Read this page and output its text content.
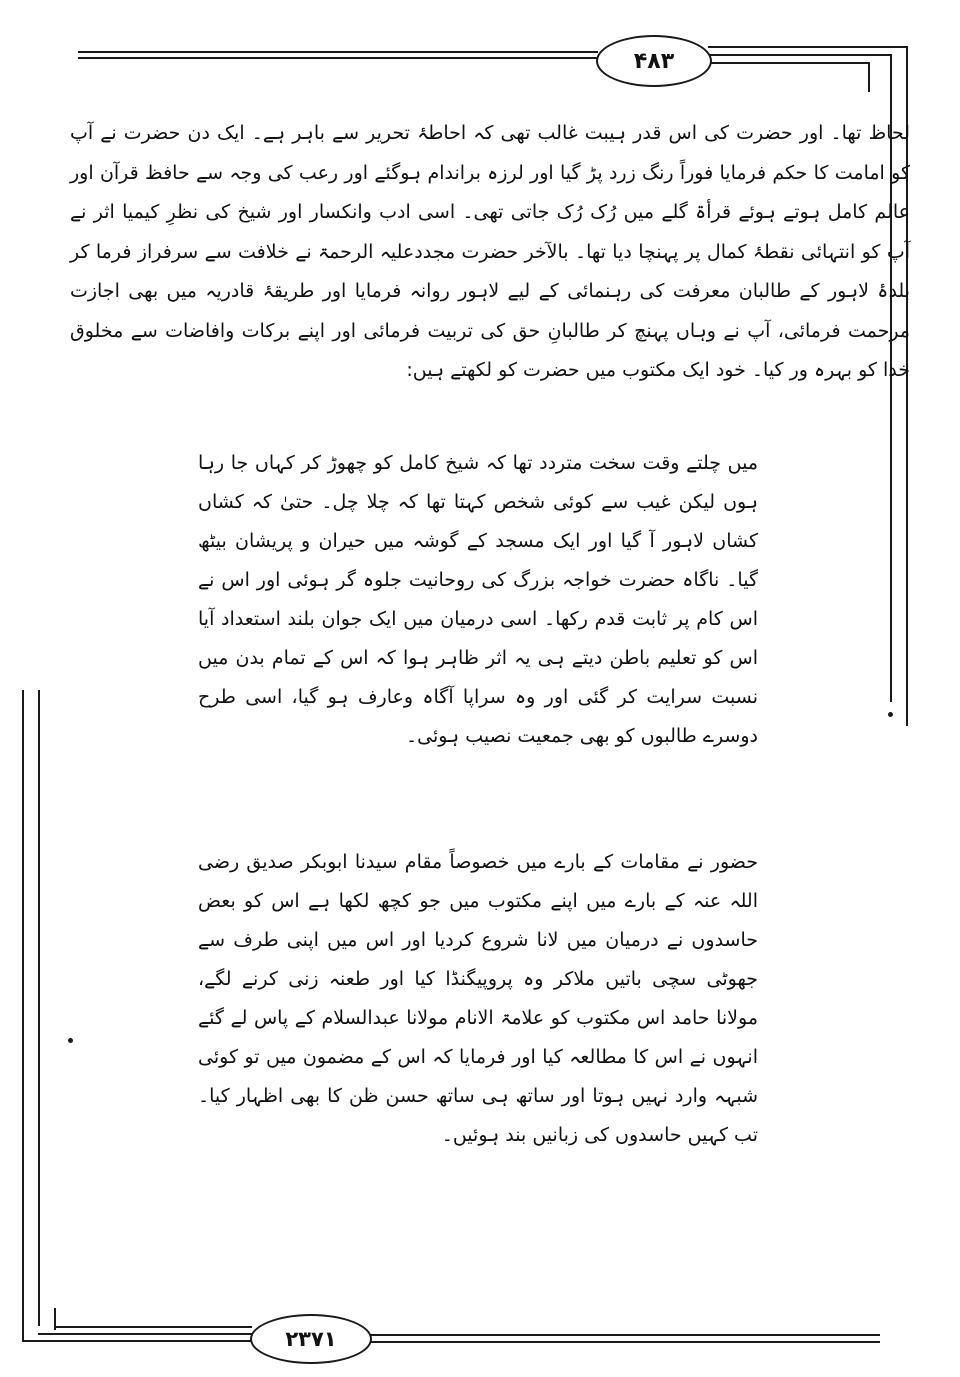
۴۸۳
۲۳۷۱

لحاظ تھا۔ اور حضرت کی اس قدر ہیبت غالب تھی کہ احاطۂ تحریر سے باہر ہے۔ ایک دن حضرت نے آپ کو امامت کا حکم فرمایا فوراً رنگ زرد پڑ گیا اور لرزہ براندام ہوگئے اور رعب کی وجہ سے حافظ قرآن اور عالم کامل ہوتے ہوئے قرأۃ گلے میں رُک رُک جاتی تھی۔ اسی ادب وانکسار اور شیخ کی نظرِ کیمیا اثر نے آپ کو انتہائی نقطۂ کمال پر پہنچا دیا تھا۔ بالآخر حضرت مجددعلیہ الرحمۃ نے خلافت سے سرفراز فرما کر بلدۂ لاہور کے طالبان معرفت کی رہنمائی کے لیے لاہور روانہ فرمایا اور طریقۂ قادریہ میں بھی اجازت مرحمت فرمائی، آپ نے وہاں پہنچ کر طالبانِ حق کی تربیت فرمائی اور اپنے برکات وافاضات سے مخلوق خدا کو بہرہ ور کیا۔ خود ایک مکتوب میں حضرت کو لکھتے ہیں:

میں چلتے وقت سخت متردد تھا کہ شیخ کامل کو چھوڑ کر کہاں جا رہا ہوں لیکن غیب سے کوئی شخص کہتا تھا کہ چلا چل۔ حتیٰ کہ کشاں کشاں لاہور آ گیا اور ایک مسجد کے گوشہ میں حیران و پریشان بیٹھ گیا۔ ناگاہ حضرت خواجہ بزرگ کی روحانیت جلوہ گر ہوئی اور اس نے اس کام پر ثابت قدم رکھا۔ اسی درمیان میں ایک جوان بلند استعداد آیا اس کو تعلیم باطن دیتے ہی یہ اثر ظاہر ہوا کہ اس کے تمام بدن میں نسبت سرایت کر گئی اور وہ سراپا آگاہ وعارف ہو گیا، اسی طرح دوسرے طالبوں کو بھی جمعیت نصیب ہوئی۔

حضور نے مقامات کے بارے میں خصوصاً مقام سیدنا ابوبکر صدیق رضی اللہ عنہ کے بارے میں اپنے مکتوب میں جو کچھ لکھا ہے اس کو بعض حاسدوں نے درمیان میں لانا شروع کردیا اور اس میں اپنی طرف سے جھوٹی سچی باتیں ملاکر وہ پروپیگنڈا کیا اور طعنہ زنی کرنے لگے، مولانا حامد اس مکتوب کو علامۃ الانام مولانا عبدالسلام کے پاس لے گئے انہوں نے اس کا مطالعہ کیا اور فرمایا کہ اس کے مضمون میں تو کوئی شبہہ وارد نہیں ہوتا اور ساتھ ہی ساتھ حسن ظن کا بھی اظہار کیا۔ تب کہیں حاسدوں کی زبانیں بند ہوئیں۔
